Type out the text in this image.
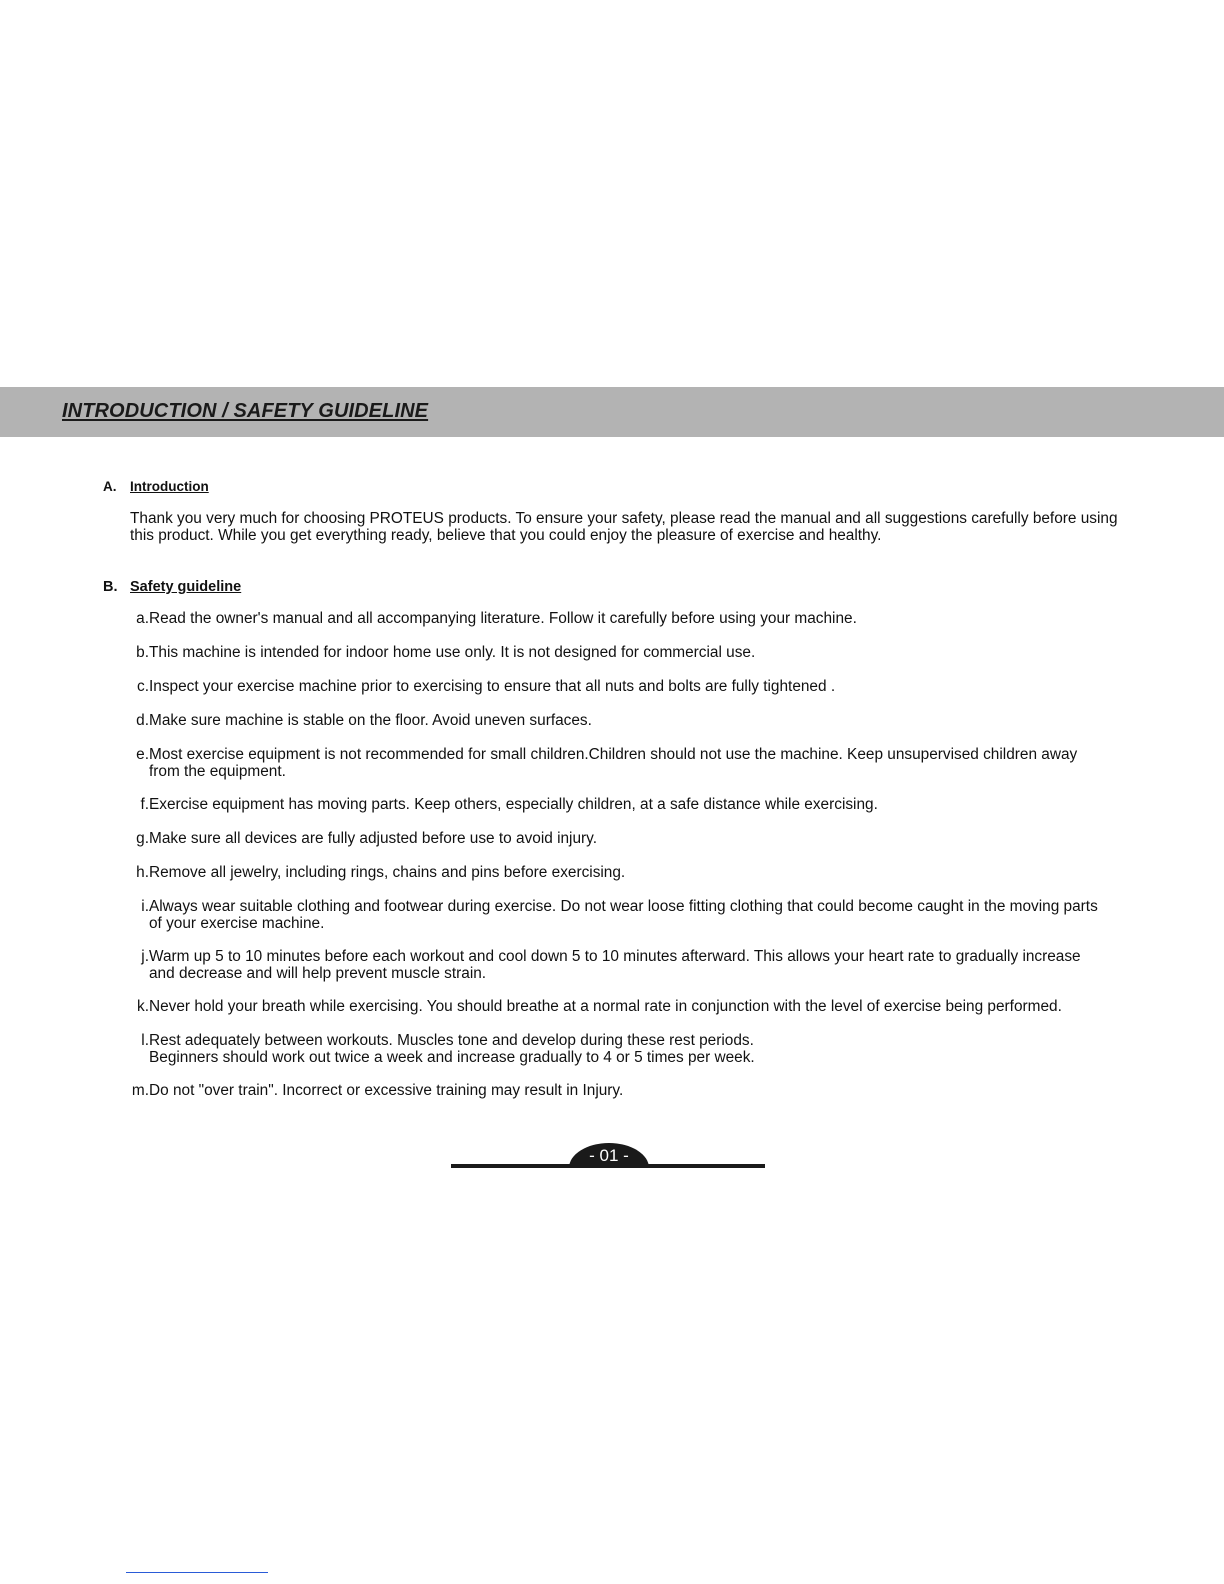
INTRODUCTION / SAFETY GUIDELINE
A. Introduction

Thank you very much for choosing PROTEUS products. To ensure your safety, please read the manual and all suggestions carefully before using this product. While you get everything ready, believe that you could enjoy the pleasure of exercise and healthy.

B. Safety guideline
a. Read the owner's manual and all accompanying literature. Follow it carefully before using your machine.
b. This machine is intended for indoor home use only. It is not designed for commercial use.
c. Inspect your exercise machine prior to exercising to ensure that all nuts and bolts are fully tightened .
d. Make sure machine is stable on the floor. Avoid uneven surfaces.
e. Most exercise equipment is not recommended for small children.Children should not use the machine. Keep unsupervised children away
from the equipment.
f. Exercise equipment has moving parts. Keep others, especially children, at a safe distance while exercising.
g. Make sure all devices are fully adjusted before use to avoid injury.
h. Remove all jewelry, including rings, chains and pins before exercising.
i. Always wear suitable clothing and footwear during exercise. Do not wear loose fitting clothing that could become caught in the moving parts
of your exercise machine.
j. Warm up 5 to 10 minutes before each workout and cool down 5 to 10 minutes afterward. This allows your heart rate to gradually increase
and decrease and will help prevent muscle strain.
k. Never hold your breath while exercising. You should breathe at a normal rate in conjunction with the level of exercise being performed.
l. Rest adequately between workouts. Muscles tone and develop during these rest periods.
Beginners should work out twice a week and increase gradually to 4 or 5 times per week.
m. Do not "over train". Incorrect or excessive training may result in Injury.
- 01 -
